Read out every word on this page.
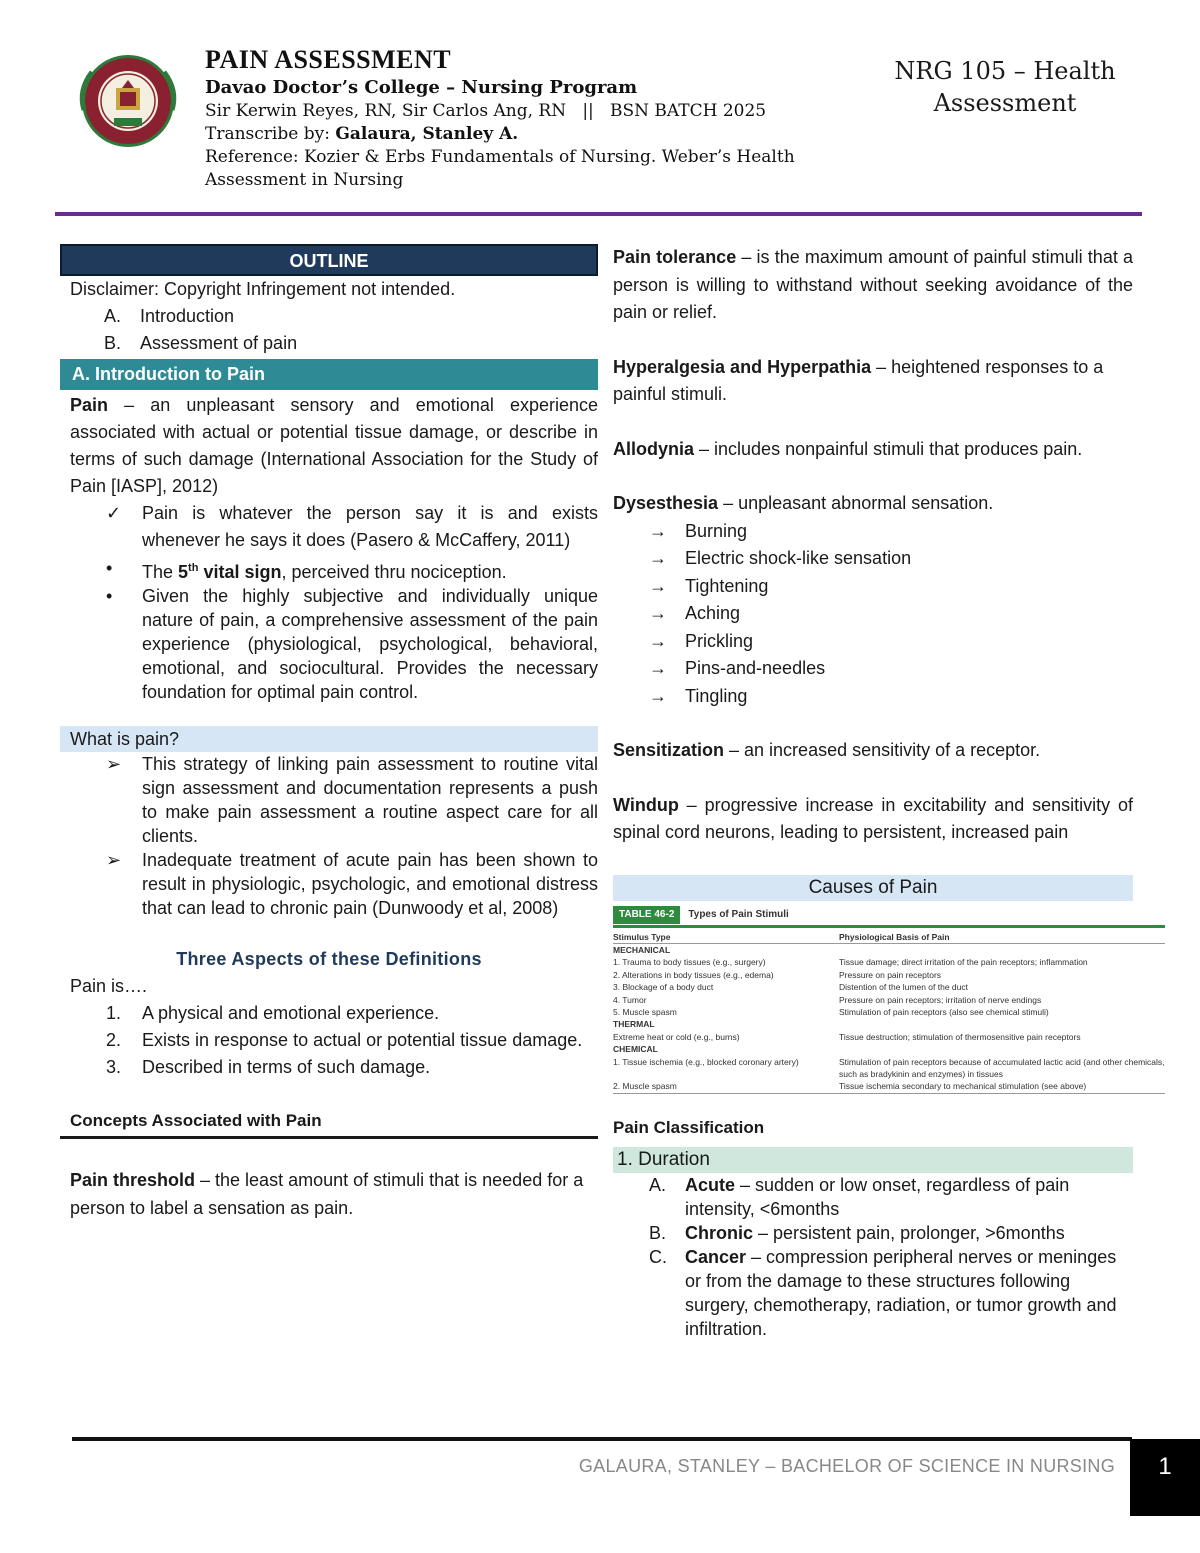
PAIN ASSESSMENT
Davao Doctor’s College – Nursing Program
Sir Kerwin Reyes, RN, Sir Carlos Ang, RN   ||   BSN BATCH 2025
Transcribe by: Galaura, Stanley A.
Reference: Kozier & Erbs Fundamentals of Nursing. Weber’s Health
Assessment in Nursing
NRG 105 – Health
Assessment
OUTLINE
Disclaimer: Copyright Infringement not intended.
A.	Introduction
B.	Assessment of pain
A. Introduction to Pain
Pain – an unpleasant sensory and emotional experience associated with actual or potential tissue damage, or describe in terms of such damage (International Association for the Study of Pain [IASP], 2012)
✓	Pain is whatever the person say it is and exists whenever he says it does (Pasero & McCaffery, 2011)
•	The 5th vital sign, perceived thru nociception.
•	Given the highly subjective and individually unique nature of pain, a comprehensive assessment of the pain experience (physiological, psychological, behavioral, emotional, and sociocultural. Provides the necessary foundation for optimal pain control.
What is pain?
➢	This strategy of linking pain assessment to routine vital sign assessment and documentation represents a push to make pain assessment a routine aspect care for all clients.
➢	Inadequate treatment of acute pain has been shown to result in physiologic, psychologic, and emotional distress that can lead to chronic pain (Dunwoody et al, 2008)
Three Aspects of these Definitions
Pain is….
1.	A physical and emotional experience.
2.	Exists in response to actual or potential tissue damage.
3.	Described in terms of such damage.
Concepts Associated with Pain
Pain threshold – the least amount of stimuli that is needed for a person to label a sensation as pain.
Pain tolerance – is the maximum amount of painful stimuli that a person is willing to withstand without seeking avoidance of the pain or relief.
Hyperalgesia and Hyperpathia – heightened responses to a painful stimuli.
Allodynia – includes nonpainful stimuli that produces pain.
Dysesthesia – unpleasant abnormal sensation.
→	Burning
→	Electric shock-like sensation
→	Tightening
→	Aching
→	Prickling
→	Pins-and-needles
→	Tingling
Sensitization – an increased sensitivity of a receptor.
Windup – progressive increase in excitability and sensitivity of spinal cord neurons, leading to persistent, increased pain
Causes of Pain
TABLE 46-2	Types of Pain Stimuli
Stimulus Type	Physiological Basis of Pain
MECHANICAL
1. Trauma to body tissues (e.g., surgery)	Tissue damage; direct irritation of the pain receptors; inflammation
2. Alterations in body tissues (e.g., edema)	Pressure on pain receptors
3. Blockage of a body duct	Distention of the lumen of the duct
4. Tumor	Pressure on pain receptors; irritation of nerve endings
5. Muscle spasm	Stimulation of pain receptors (also see chemical stimuli)
THERMAL
Extreme heat or cold (e.g., burns)	Tissue destruction; stimulation of thermosensitive pain receptors
CHEMICAL
1. Tissue ischemia (e.g., blocked coronary artery)	Stimulation of pain receptors because of accumulated lactic acid (and other chemicals, such as bradykinin and enzymes) in tissues
2. Muscle spasm	Tissue ischemia secondary to mechanical stimulation (see above)
Pain Classification
1. Duration
A.	Acute – sudden or low onset, regardless of pain intensity, <6months
B.	Chronic – persistent pain, prolonger, >6months
C.	Cancer – compression peripheral nerves or meninges or from the damage to these structures following surgery, chemotherapy, radiation, or tumor growth and infiltration.
GALAURA, STANLEY – BACHELOR OF SCIENCE IN NURSING	1
